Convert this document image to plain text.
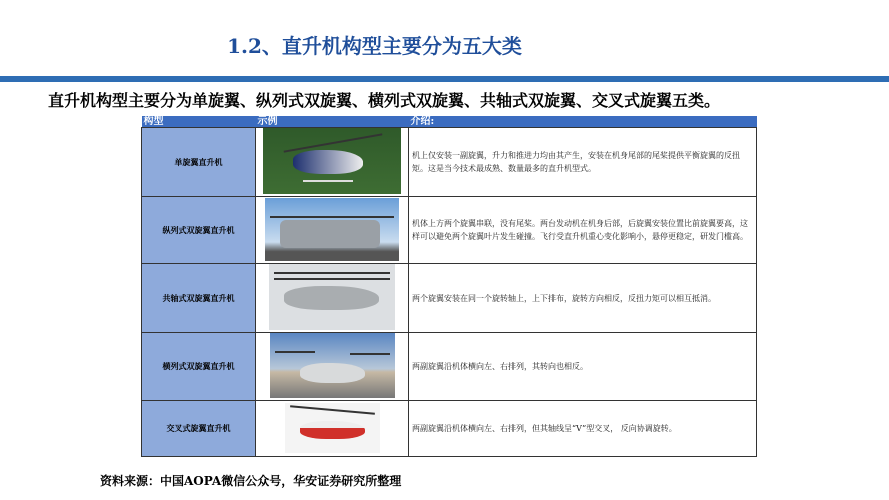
1.2、直升机构型主要分为五大类
直升机构型主要分为单旋翼、纵列式双旋翼、横列式双旋翼、共轴式双旋翼、交叉式旋翼五类。
构型	示例	介绍:
单旋翼直升机		机上仅安装一副旋翼，升力和推进力均由其产生，安装在机身尾部的尾桨提供平衡旋翼的反扭矩。这是当今技术最成熟、数量最多的直升机型式。
纵列式双旋翼直升机		机体上方两个旋翼串联，没有尾桨。两台发动机在机身后部，后旋翼安装位置比前旋翼要高，这样可以避免两个旋翼叶片发生碰撞。飞行受直升机重心变化影响小，悬停更稳定，研发门槛高。
共轴式双旋翼直升机		两个旋翼安装在同一个旋转轴上，上下排布，旋转方向相反，反扭力矩可以相互抵消。
横列式双旋翼直升机		两副旋翼沿机体横向左、右排列，其转向也相反。
交叉式旋翼直升机		两副旋翼沿机体横向左、右排列，但其轴线呈“V”型交叉， 反向协调旋转。
资料来源：中国AOPA微信公众号，华安证券研究所整理
